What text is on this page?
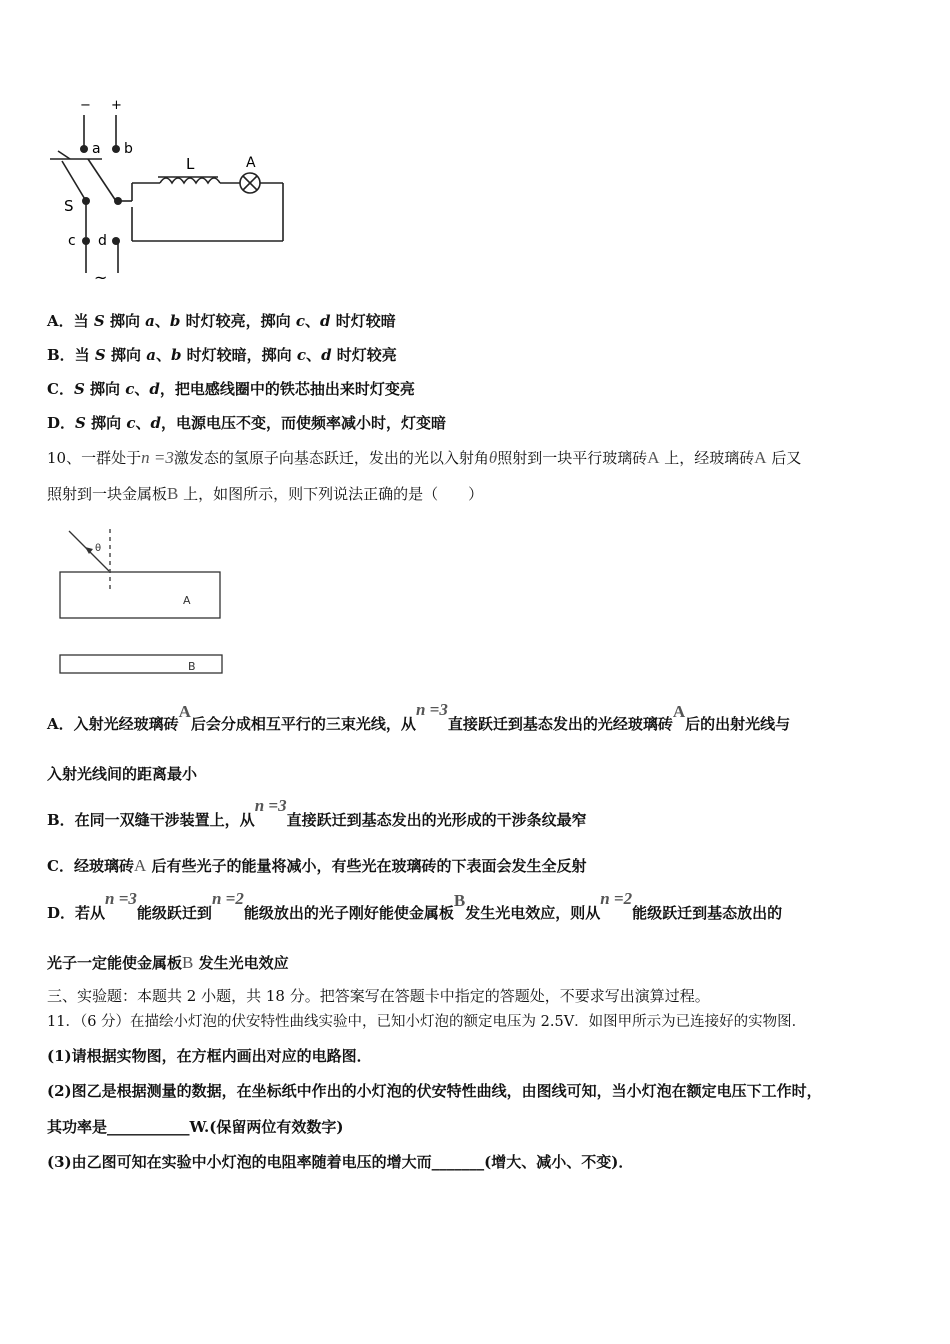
− +
a b
S
L	A
c d
~
A．当 S 掷向 a、b 时灯较亮，掷向 c、d 时灯较暗
B．当 S 掷向 a、b 时灯较暗，掷向 c、d 时灯较亮
C．S 掷向 c、d，把电感线圈中的铁芯抽出来时灯变亮
D．S 掷向 c、d，电源电压不变，而使频率减小时，灯变暗
10、一群处于n =3激发态的氢原子向基态跃迁，发出的光以入射角θ照射到一块平行玻璃砖A 上，经玻璃砖A 后又
照射到一块金属板B 上，如图所示，则下列说法正确的是（　　）
θ
A
B
A．入射光经玻璃砖A后会分成相互平行的三束光线，从n =3直接跃迁到基态发出的光经玻璃砖A后的出射光线与
入射光线间的距离最小
B．在同一双缝干涉装置上，从n =3直接跃迁到基态发出的光形成的干涉条纹最窄
C．经玻璃砖A 后有些光子的能量将减小，有些光在玻璃砖的下表面会发生全反射
D．若从n =3能级跃迁到n =2能级放出的光子刚好能使金属板B发生光电效应，则从n =2能级跃迁到基态放出的
光子一定能使金属板B 发生光电效应
三、实验题：本题共 2 小题，共 18 分。把答案写在答题卡中指定的答题处，不要求写出演算过程。
11．（6 分）在描绘小灯泡的伏安特性曲线实验中，已知小灯泡的额定电压为 2.5V．如图甲所示为已连接好的实物图．
(1)请根据实物图，在方框内画出对应的电路图．
(2)图乙是根据测量的数据，在坐标纸中作出的小灯泡的伏安特性曲线，由图线可知，当小灯泡在额定电压下工作时，
其功率是___________W.(保留两位有效数字)
(3)由乙图可知在实验中小灯泡的电阻率随着电压的增大而_______(增大、减小、不变)．
